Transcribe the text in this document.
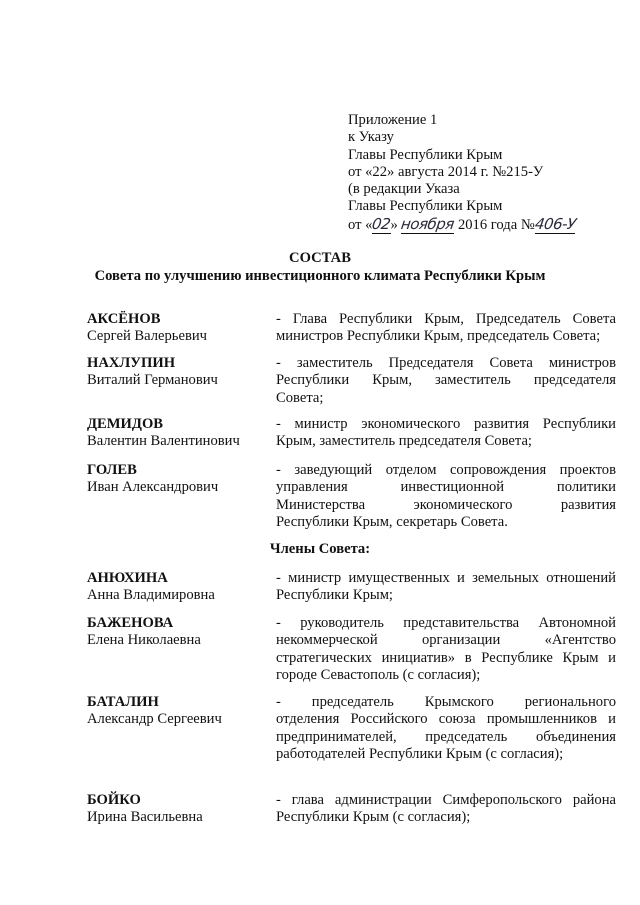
Приложение 1
к Указу
Главы Республики Крым
от «22» августа 2014 г. №215-У
(в редакции Указа
Главы Республики Крым
от «02» ноября 2016 года №406-У
СОСТАВ
Совета по улучшению инвестиционного климата Республики Крым
АКСЁНОВ
Сергей Валерьевич
- Глава Республики Крым, Председатель Совета
министров Республики Крым, председатель Совета;
НАХЛУПИН
Виталий Германович
- заместитель Председателя Совета министров
Республики Крым, заместитель председателя
Совета;
ДЕМИДОВ
Валентин Валентинович
- министр экономического развития Республики
Крым, заместитель председателя Совета;
ГОЛЕВ
Иван Александрович
- заведующий отделом сопровождения проектов
управления инвестиционной политики
Министерства экономического развития
Республики Крым, секретарь Совета.
Члены Совета:
АНЮХИНА
Анна Владимировна
- министр имущественных и земельных отношений
Республики Крым;
БАЖЕНОВА
Елена Николаевна
- руководитель представительства Автономной
некоммерческой организации «Агентство
стратегических инициатив» в Республике Крым и
городе Севастополь (с согласия);
БАТАЛИН
Александр Сергеевич
- председатель Крымского регионального
отделения Российского союза промышленников и
предпринимателей, председатель объединения
работодателей Республики Крым (с согласия);
БОЙКО
Ирина Васильевна
- глава администрации Симферопольского района
Республики Крым (с согласия);
